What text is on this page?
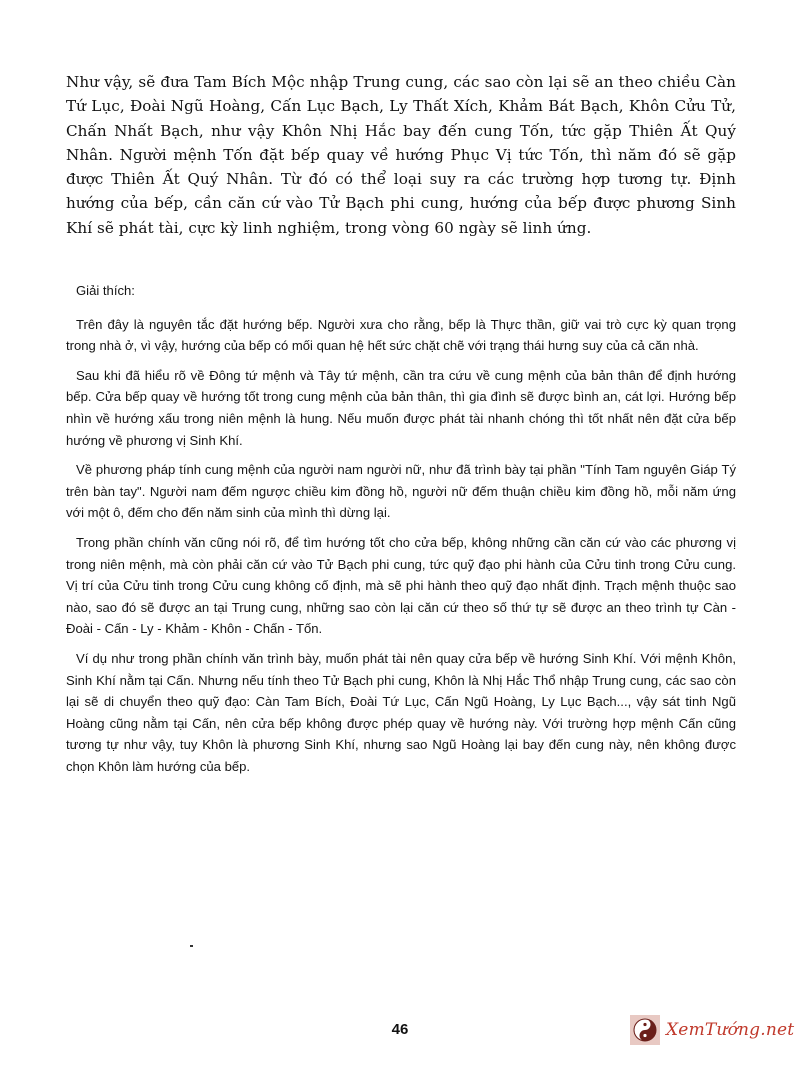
Như vậy, sẽ đưa Tam Bích Mộc nhập Trung cung, các sao còn lại sẽ an theo chiều Càn Tứ Lục, Đoài Ngũ Hoàng, Cấn Lục Bạch, Ly Thất Xích, Khảm Bát Bạch, Khôn Cửu Tử, Chấn Nhất Bạch, như vậy Khôn Nhị Hắc bay đến cung Tốn, tức gặp Thiên Ất Quý Nhân. Người mệnh Tốn đặt bếp quay về hướng Phục Vị tức Tốn, thì năm đó sẽ gặp được Thiên Ất Quý Nhân. Từ đó có thể loại suy ra các trường hợp tương tự. Định hướng của bếp, cần căn cứ vào Tử Bạch phi cung, hướng của bếp được phương Sinh Khí sẽ phát tài, cực kỳ linh nghiệm, trong vòng 60 ngày sẽ linh ứng.

Giải thích:

Trên đây là nguyên tắc đặt hướng bếp. Người xưa cho rằng, bếp là Thực thần, giữ vai trò cực kỳ quan trọng trong nhà ở, vì vậy, hướng của bếp có mối quan hệ hết sức chặt chẽ với trạng thái hưng suy của cả căn nhà.

Sau khi đã hiểu rõ về Đông tứ mệnh và Tây tứ mệnh, cần tra cứu về cung mệnh của bản thân để định hướng bếp. Cửa bếp quay về hướng tốt trong cung mệnh của bản thân, thì gia đình sẽ được bình an, cát lợi. Hướng bếp nhìn về hướng xấu trong niên mệnh là hung. Nếu muốn được phát tài nhanh chóng thì tốt nhất nên đặt cửa bếp hướng về phương vị Sinh Khí.

Về phương pháp tính cung mệnh của người nam người nữ, như đã trình bày tại phần "Tính Tam nguyên Giáp Tý trên bàn tay". Người nam đếm ngược chiều kim đồng hồ, người nữ đếm thuận chiều kim đồng hồ, mỗi năm ứng với một ô, đếm cho đến năm sinh của mình thì dừng lại.

Trong phần chính văn cũng nói rõ, để tìm hướng tốt cho cửa bếp, không những cần căn cứ vào các phương vị trong niên mệnh, mà còn phải căn cứ vào Tử Bạch phi cung, tức quỹ đạo phi hành của Cửu tinh trong Cửu cung. Vị trí của Cửu tinh trong Cửu cung không cố định, mà sẽ phi hành theo quỹ đạo nhất định. Trạch mệnh thuộc sao nào, sao đó sẽ được an tại Trung cung, những sao còn lại căn cứ theo số thứ tự sẽ được an theo trình tự Càn - Đoài - Cấn - Ly - Khảm - Khôn - Chấn - Tốn.

Ví dụ như trong phần chính văn trình bày, muốn phát tài nên quay cửa bếp về hướng Sinh Khí. Với mệnh Khôn, Sinh Khí nằm tại Cấn. Nhưng nếu tính theo Tử Bạch phi cung, Khôn là Nhị Hắc Thổ nhập Trung cung, các sao còn lại sẽ di chuyển theo quỹ đạo: Càn Tam Bích, Đoài Tứ Lục, Cấn Ngũ Hoàng, Ly Lục Bạch..., vậy sát tinh Ngũ Hoàng cũng nằm tại Cấn, nên cửa bếp không được phép quay về hướng này. Với trường hợp mệnh Cấn cũng tương tự như vậy, tuy Khôn là phương Sinh Khí, nhưng sao Ngũ Hoàng lại bay đến cung này, nên không được chọn Khôn làm hướng của bếp.

46	XemTướng.net
